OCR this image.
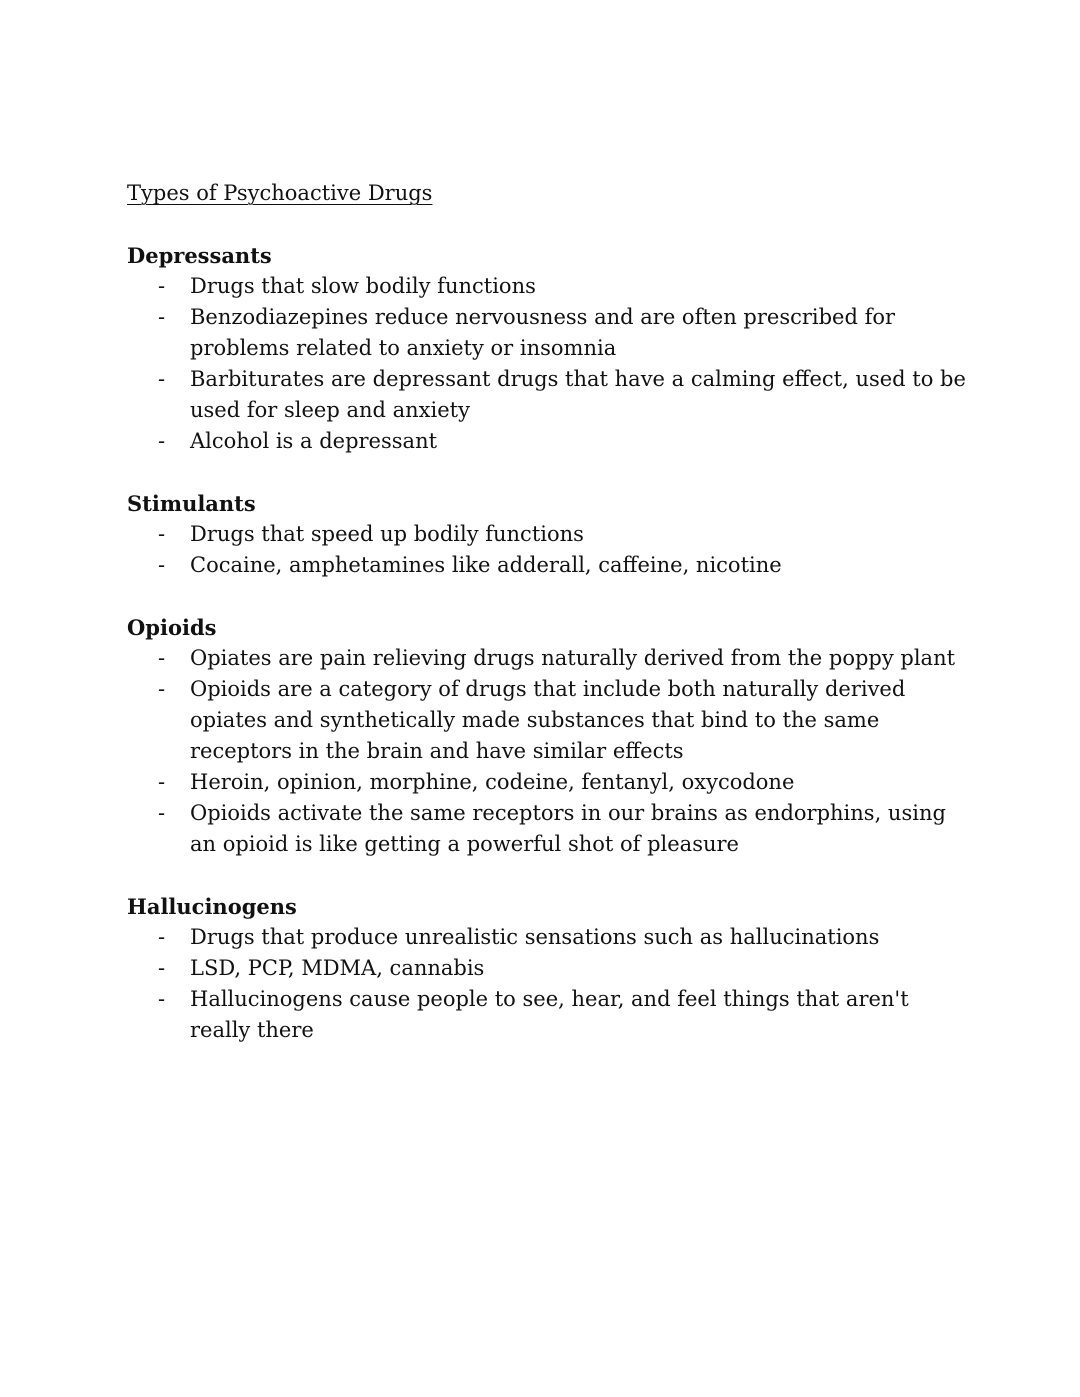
Types of Psychoactive Drugs
Depressants
- Drugs that slow bodily functions
- Benzodiazepines reduce nervousness and are often prescribed for problems related to anxiety or insomnia
- Barbiturates are depressant drugs that have a calming effect, used to be used for sleep and anxiety
- Alcohol is a depressant
Stimulants
- Drugs that speed up bodily functions
- Cocaine, amphetamines like adderall, caffeine, nicotine
Opioids
- Opiates are pain relieving drugs naturally derived from the poppy plant
- Opioids are a category of drugs that include both naturally derived opiates and synthetically made substances that bind to the same receptors in the brain and have similar effects
- Heroin, opinion, morphine, codeine, fentanyl, oxycodone
- Opioids activate the same receptors in our brains as endorphins, using an opioid is like getting a powerful shot of pleasure
Hallucinogens
- Drugs that produce unrealistic sensations such as hallucinations
- LSD, PCP, MDMA, cannabis
- Hallucinogens cause people to see, hear, and feel things that aren't really there
